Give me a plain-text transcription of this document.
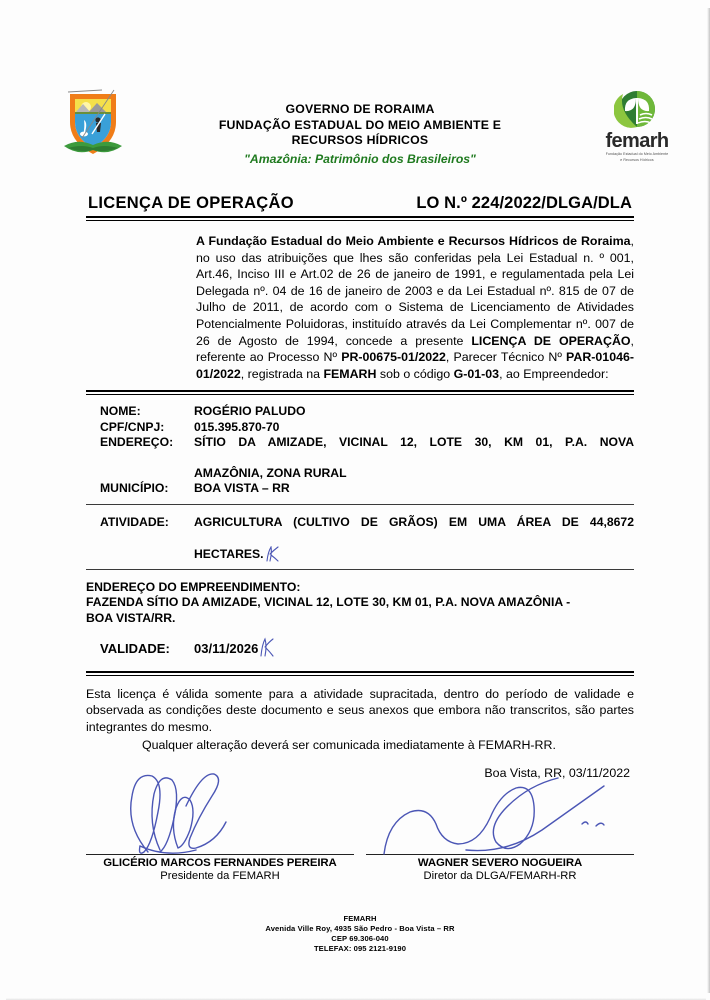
GOVERNO DE RORAIMA
FUNDAÇÃO ESTADUAL DO MEIO AMBIENTE E
RECURSOS HÍDRICOS
"Amazônia: Patrimônio dos Brasileiros"
femarh
Fundação Estadual do Meio Ambiente
e Recursos Hídricos
LICENÇA DE OPERAÇÃO	LO N.º 224/2022/DLGA/DLA
A Fundação Estadual do Meio Ambiente e Recursos Hídricos de Roraima, no uso das atribuições que lhes são conferidas pela Lei Estadual n. º 001, Art.46, Inciso III e Art.02 de 26 de janeiro de 1991, e regulamentada pela Lei Delegada nº. 04 de 16 de janeiro de 2003 e da Lei Estadual nº. 815 de 07 de Julho de 2011, de acordo com o Sistema de Licenciamento de Atividades Potencialmente Poluidoras, instituído através da Lei Complementar nº. 007 de 26 de Agosto de 1994, concede a presente LICENÇA DE OPERAÇÃO, referente ao Processo Nº PR-00675-01/2022, Parecer Técnico Nº PAR-01046-01/2022, registrada na FEMARH sob o código G-01-03, ao Empreendedor:
NOME:	ROGÉRIO PALUDO
CPF/CNPJ:	015.395.870-70
ENDEREÇO:	SÍTIO DA AMIZADE, VICINAL 12, LOTE 30, KM 01, P.A. NOVA
AMAZÔNIA, ZONA RURAL
MUNICÍPIO:	BOA VISTA – RR
ATIVIDADE:	AGRICULTURA (CULTIVO DE GRÃOS) EM UMA ÁREA DE 44,8672
HECTARES.
ENDEREÇO DO EMPREENDIMENTO:
FAZENDA SÍTIO DA AMIZADE, VICINAL 12, LOTE 30, KM 01, P.A. NOVA AMAZÔNIA -
BOA VISTA/RR.
VALIDADE:	03/11/2026

Esta licença é válida somente para a atividade supracitada, dentro do período de validade e observada as condições deste documento e seus anexos que embora não transcritos, são partes integrantes do mesmo.

Qualquer alteração deverá ser comunicada imediatamente à FEMARH-RR.

Boa Vista, RR, 03/11/2022
GLICÉRIO MARCOS FERNANDES PEREIRA
Presidente da FEMARH
WAGNER SEVERO NOGUEIRA
Diretor da DLGA/FEMARH-RR
FEMARH
Avenida Ville Roy, 4935 São Pedro - Boa Vista – RR
CEP 69.306-040
TELEFAX: 095 2121-9190
